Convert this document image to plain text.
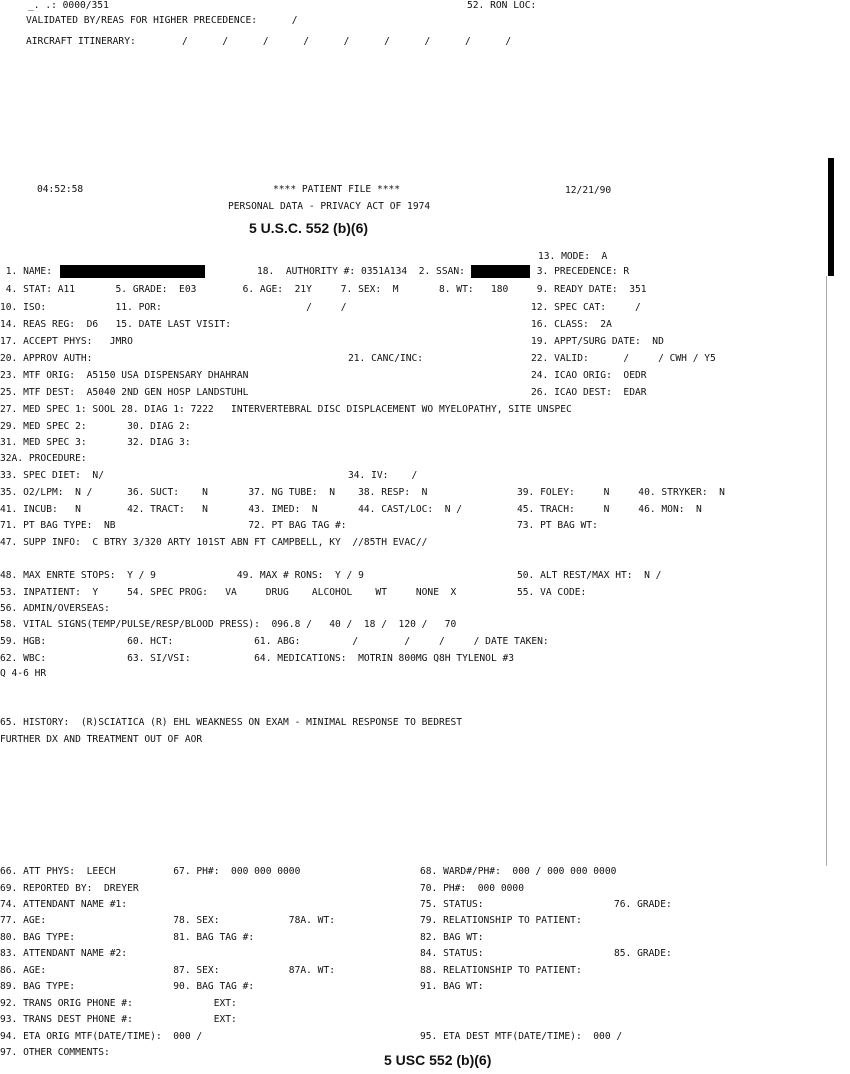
_. .: 0000/351	52. RON LOC:
VALIDATED BY/REAS FOR HIGHER PRECEDENCE:      /
AIRCRAFT ITINERARY:        /      /      /      /      /      /      /      /      /
04:52:58	**** PATIENT FILE ****	12/21/90
PERSONAL DATA - PRIVACY ACT OF 1974
5 U.S.C. 552 (b)(6)
13. MODE:  A
1. NAME:	18.  AUTHORITY #: 0351A134  2. SSAN:	3. PRECEDENCE: R
4. STAT: A11       5. GRADE:  E03        6. AGE:  21Y     7. SEX:  M       8. WT:   180 9. READY DATE:  351
10. ISO:            11. POR:                         /     /	12. SPEC CAT:     /
14. REAS REG:  D6   15. DATE LAST VISIT:	16. CLASS:  2A
17. ACCEPT PHYS:   JMRO	19. APPT/SURG DATE:  ND
20. APPROV AUTH:	21. CANC/INC:	22. VALID:      /     / CWH / Y5
23. MTF ORIG:  A5150 USA DISPENSARY DHAHRAN	24. ICAO ORIG:  OEDR
25. MTF DEST:  A5040 2ND GEN HOSP LANDSTUHL	26. ICAO DEST:  EDAR
27. MED SPEC 1: SOOL 28. DIAG 1: 7222   INTERVERTEBRAL DISC DISPLACEMENT WO MYELOPATHY, SITE UNSPEC
29. MED SPEC 2:       30. DIAG 2:
31. MED SPEC 3:       32. DIAG 3:
32A. PROCEDURE:
33. SPEC DIET:  N/	34. IV:    /
35. O2/LPM:  N /      36. SUCT:    N       37. NG TUBE:  N    38. RESP:  N	39. FOLEY:     N     40. STRYKER:  N
41. INCUB:   N        42. TRACT:   N       43. IMED:  N       44. CAST/LOC:  N /	45. TRACH:     N     46. MON:  N
71. PT BAG TYPE:  NB                       72. PT BAG TAG #:	73. PT BAG WT:
47. SUPP INFO:  C BTRY 3/320 ARTY 101ST ABN FT CAMPBELL, KY  //85TH EVAC//
48. MAX ENRTE STOPS:  Y / 9              49. MAX # RONS:  Y / 9	50. ALT REST/MAX HT:  N /
53. INPATIENT:  Y     54. SPEC PROG:   VA     DRUG    ALCOHOL    WT     NONE  X	55. VA CODE:
56. ADMIN/OVERSEAS:
58. VITAL SIGNS(TEMP/PULSE/RESP/BLOOD PRESS):  096.8 /   40 /  18 /  120 /   70
59. HGB:              60. HCT:              61. ABG:         /        /     /     / DATE TAKEN:
62. WBC:              63. SI/VSI:           64. MEDICATIONS:  MOTRIN 800MG Q8H TYLENOL #3
Q 4-6 HR
65. HISTORY:  (R)SCIATICA (R) EHL WEAKNESS ON EXAM - MINIMAL RESPONSE TO BEDREST
FURTHER DX AND TREATMENT OUT OF AOR
66. ATT PHYS:  LEECH          67. PH#:  000 000 0000	68. WARD#/PH#:  000 / 000 000 0000
69. REPORTED BY:  DREYER	70. PH#:  000 0000
74. ATTENDANT NAME #1:	75. STATUS:	76. GRADE:
77. AGE:                      78. SEX:            78A. WT:	79. RELATIONSHIP TO PATIENT:
80. BAG TYPE:                 81. BAG TAG #:	82. BAG WT:
83. ATTENDANT NAME #2:	84. STATUS:	85. GRADE:
86. AGE:                      87. SEX:            87A. WT:	88. RELATIONSHIP TO PATIENT:
89. BAG TYPE:                 90. BAG TAG #:	91. BAG WT:
92. TRANS ORIG PHONE #:              EXT:
93. TRANS DEST PHONE #:              EXT:
94. ETA ORIG MTF(DATE/TIME):  000 /	95. ETA DEST MTF(DATE/TIME):  000 /
97. OTHER COMMENTS:	5 USC 552 (b)(6)
